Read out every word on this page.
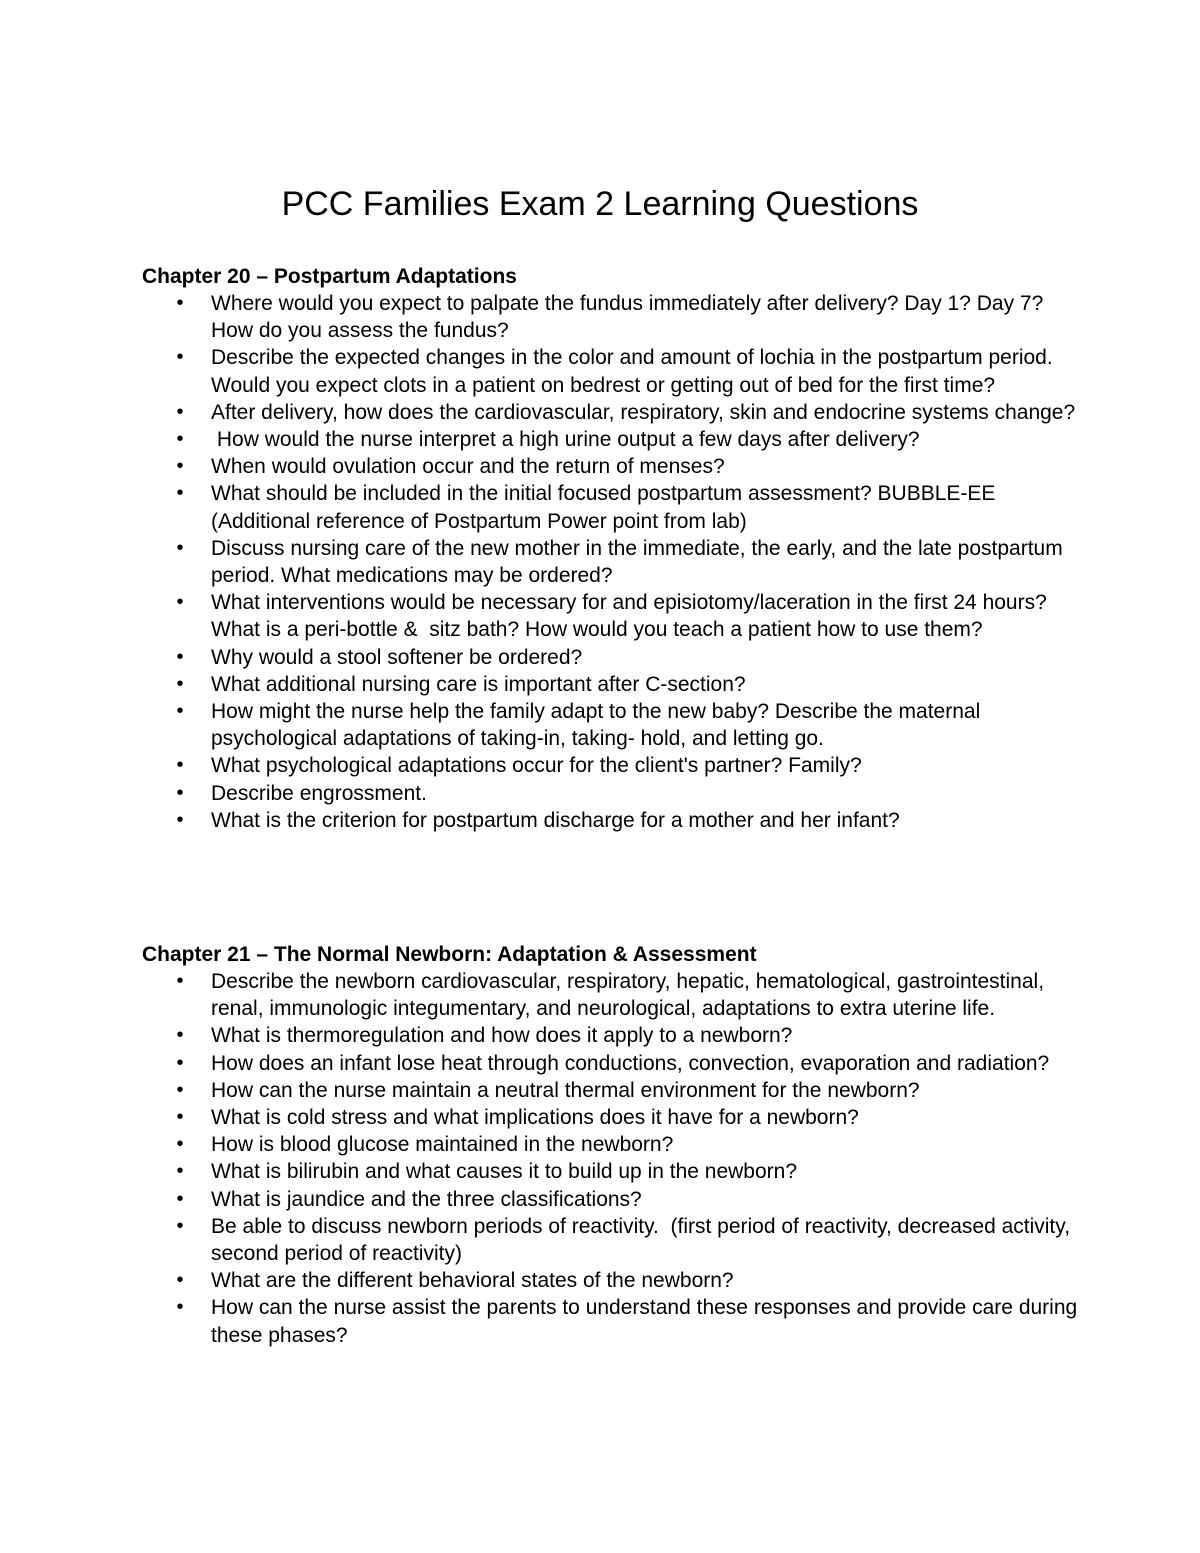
PCC Families Exam 2 Learning Questions
Chapter 20 – Postpartum Adaptations
• Where would you expect to palpate the fundus immediately after delivery? Day 1? Day 7?  How do you assess the fundus?
• Describe the expected changes in the color and amount of lochia in the postpartum period. Would you expect clots in a patient on bedrest or getting out of bed for the first time?
• After delivery, how does the cardiovascular, respiratory, skin and endocrine systems change?
• How would the nurse interpret a high urine output a few days after delivery?
• When would ovulation occur and the return of menses?
• What should be included in the initial focused postpartum assessment? BUBBLE-EE  (Additional reference of Postpartum Power point from lab)
• Discuss nursing care of the new mother in the immediate, the early, and the late postpartum period. What medications may be ordered?
• What interventions would be necessary for and episiotomy/laceration in the first 24 hours?  What is a peri-bottle &  sitz bath? How would you teach a patient how to use them?
• Why would a stool softener be ordered?
• What additional nursing care is important after C-section?
• How might the nurse help the family adapt to the new baby? Describe the maternal psychological adaptations of taking-in, taking- hold, and letting go.
• What psychological adaptations occur for the client's partner? Family?
• Describe engrossment.
• What is the criterion for postpartum discharge for a mother and her infant?
Chapter 21 – The Normal Newborn: Adaptation & Assessment
• Describe the newborn cardiovascular, respiratory, hepatic, hematological, gastrointestinal, renal, immunologic integumentary, and neurological, adaptations to extra uterine life.
• What is thermoregulation and how does it apply to a newborn?
• How does an infant lose heat through conductions, convection, evaporation and radiation?
• How can the nurse maintain a neutral thermal environment for the newborn?
• What is cold stress and what implications does it have for a newborn?
• How is blood glucose maintained in the newborn?
• What is bilirubin and what causes it to build up in the newborn?
• What is jaundice and the three classifications?
• Be able to discuss newborn periods of reactivity.  (first period of reactivity, decreased activity, second period of reactivity)
• What are the different behavioral states of the newborn?
• How can the nurse assist the parents to understand these responses and provide care during these phases?
